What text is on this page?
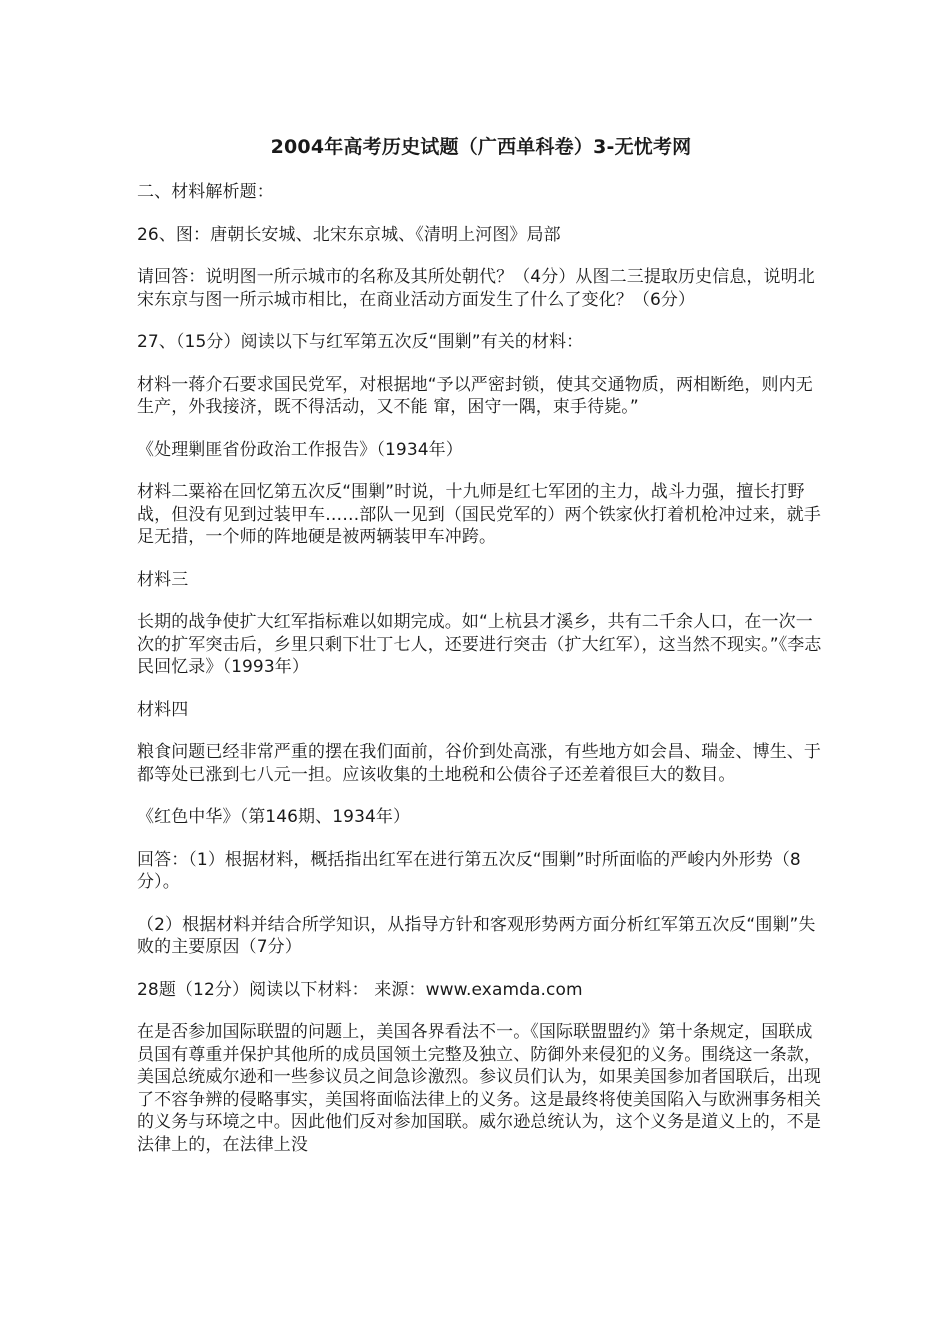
2004年高考历史试题（广西单科卷）3-无忧考网
二、材料解析题：
26、图：唐朝长安城、北宋东京城、《清明上河图》局部
请回答：说明图一所示城市的名称及其所处朝代？（4分）从图二三提取历史信息，说明北宋东京与图一所示城市相比，在商业活动方面发生了什么了变化？（6分）
27、（15分）阅读以下与红军第五次反“围剿”有关的材料：
材料一蒋介石要求国民党军，对根据地“予以严密封锁，使其交通物质，两相断绝，则内无生产，外我接济，既不得活动，又不能 窜，困守一隅，束手待毙。”
《处理剿匪省份政治工作报告》（1934年）
材料二粟裕在回忆第五次反“围剿”时说，十九师是红七军团的主力，战斗力强，擅长打野战，但没有见到过装甲车……部队一见到（国民党军的）两个铁家伙打着机枪冲过来，就手足无措，一个师的阵地硬是被两辆装甲车冲跨。
材料三
长期的战争使扩大红军指标难以如期完成。如“上杭县才溪乡，共有二千余人口，在一次一次的扩军突击后，乡里只剩下壮丁七人，还要进行突击（扩大红军），这当然不现实。”《李志民回忆录》（1993年）
材料四
粮食问题已经非常严重的摆在我们面前，谷价到处高涨，有些地方如会昌、瑞金、博生、于都等处已涨到七八元一担。应该收集的土地税和公债谷子还差着很巨大的数目。
《红色中华》（第146期、1934年）
回答：（1）根据材料，概括指出红军在进行第五次反“围剿”时所面临的严峻内外形势（8分）。
（2）根据材料并结合所学知识，从指导方针和客观形势两方面分析红军第五次反“围剿”失败的主要原因（7分）
28题（12分）阅读以下材料： 来源：www.examda.com
在是否参加国际联盟的问题上，美国各界看法不一。《国际联盟盟约》第十条规定，国联成员国有尊重并保护其他所的成员国领土完整及独立、防御外来侵犯的义务。围绕这一条款，美国总统威尔逊和一些参议员之间急诊激烈。参议员们认为，如果美国参加者国联后，出现了不容争辨的侵略事实，美国将面临法律上的义务。这是最终将使美国陷入与欧洲事务相关的义务与环境之中。因此他们反对参加国联。威尔逊总统认为，这个义务是道义上的，不是法律上的，在法律上没
